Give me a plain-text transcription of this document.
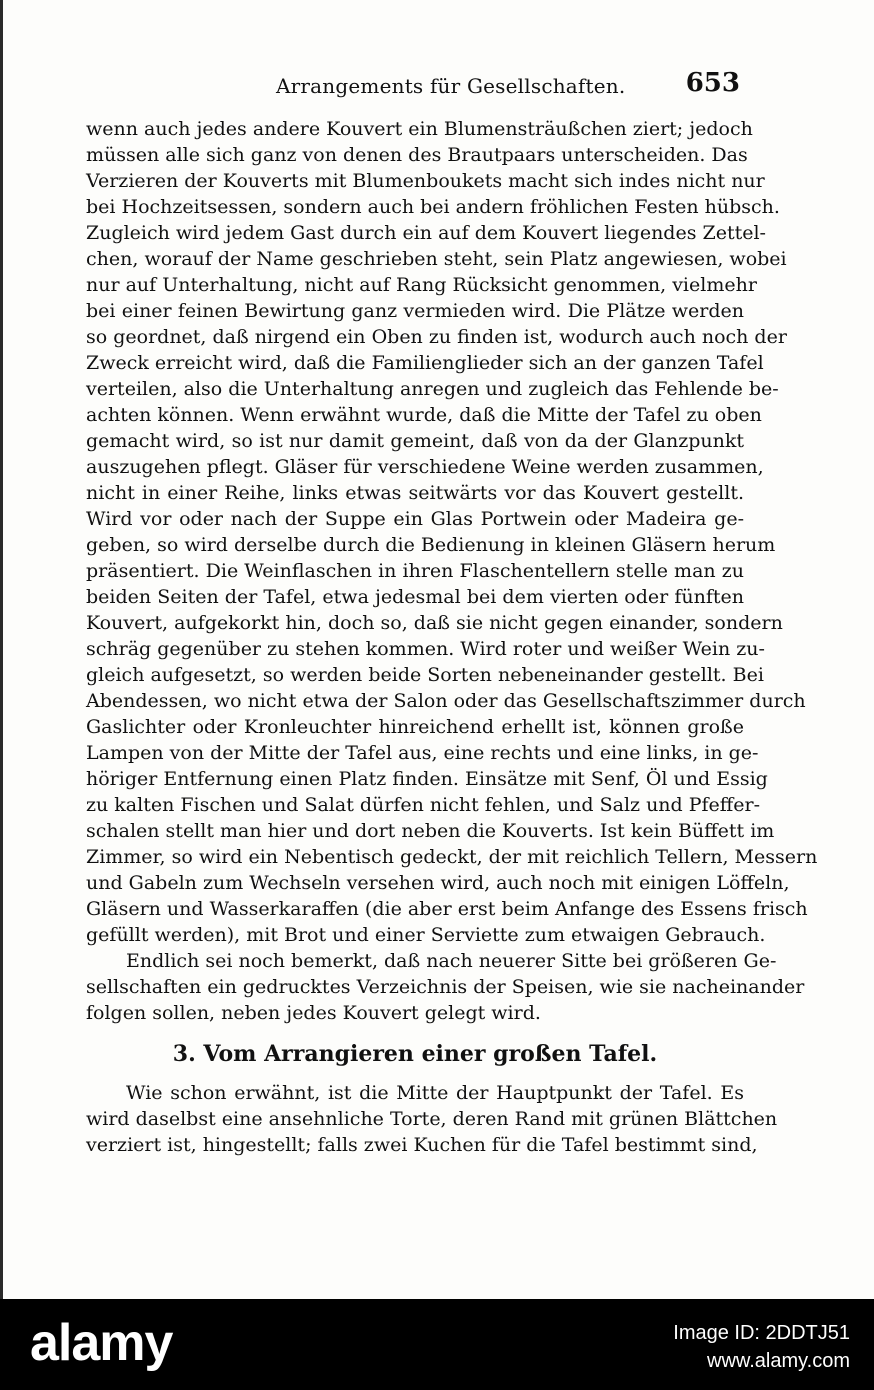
Arrangements für Gesellschaften. 653
wenn auch jedes andere Kouvert ein Blumensträußchen ziert; jedoch
müssen alle sich ganz von denen des Brautpaars unterscheiden. Das
Verzieren der Kouverts mit Blumenboukets macht sich indes nicht nur
bei Hochzeitsessen, sondern auch bei andern fröhlichen Festen hübsch.
Zugleich wird jedem Gast durch ein auf dem Kouvert liegendes Zettel-
chen, worauf der Name geschrieben steht, sein Platz angewiesen, wobei
nur auf Unterhaltung, nicht auf Rang Rücksicht genommen, vielmehr
bei einer feinen Bewirtung ganz vermieden wird. Die Plätze werden
so geordnet, daß nirgend ein Oben zu finden ist, wodurch auch noch der
Zweck erreicht wird, daß die Familienglieder sich an der ganzen Tafel
verteilen, also die Unterhaltung anregen und zugleich das Fehlende be-
achten können. Wenn erwähnt wurde, daß die Mitte der Tafel zu oben
gemacht wird, so ist nur damit gemeint, daß von da der Glanzpunkt
auszugehen pflegt. Gläser für verschiedene Weine werden zusammen,
nicht in einer Reihe, links etwas seitwärts vor das Kouvert gestellt.
Wird vor oder nach der Suppe ein Glas Portwein oder Madeira ge-
geben, so wird derselbe durch die Bedienung in kleinen Gläsern herum
präsentiert. Die Weinflaschen in ihren Flaschentellern stelle man zu
beiden Seiten der Tafel, etwa jedesmal bei dem vierten oder fünften
Kouvert, aufgekorkt hin, doch so, daß sie nicht gegen einander, sondern
schräg gegenüber zu stehen kommen. Wird roter und weißer Wein zu-
gleich aufgesetzt, so werden beide Sorten nebeneinander gestellt. Bei
Abendessen, wo nicht etwa der Salon oder das Gesellschaftszimmer durch
Gaslichter oder Kronleuchter hinreichend erhellt ist, können große
Lampen von der Mitte der Tafel aus, eine rechts und eine links, in ge-
höriger Entfernung einen Platz finden. Einsätze mit Senf, Öl und Essig
zu kalten Fischen und Salat dürfen nicht fehlen, und Salz und Pfeffer-
schalen stellt man hier und dort neben die Kouverts. Ist kein Büffett im
Zimmer, so wird ein Nebentisch gedeckt, der mit reichlich Tellern, Messern
und Gabeln zum Wechseln versehen wird, auch noch mit einigen Löffeln,
Gläsern und Wasserkaraffen (die aber erst beim Anfange des Essens frisch
gefüllt werden), mit Brot und einer Serviette zum etwaigen Gebrauch.
Endlich sei noch bemerkt, daß nach neuerer Sitte bei größeren Ge-
sellschaften ein gedrucktes Verzeichnis der Speisen, wie sie nacheinander
folgen sollen, neben jedes Kouvert gelegt wird.
3. Vom Arrangieren einer großen Tafel.
Wie schon erwähnt, ist die Mitte der Hauptpunkt der Tafel. Es
wird daselbst eine ansehnliche Torte, deren Rand mit grünen Blättchen
verziert ist, hingestellt; falls zwei Kuchen für die Tafel bestimmt sind,
alamy	Image ID: 2DDTJ51
www.alamy.com
